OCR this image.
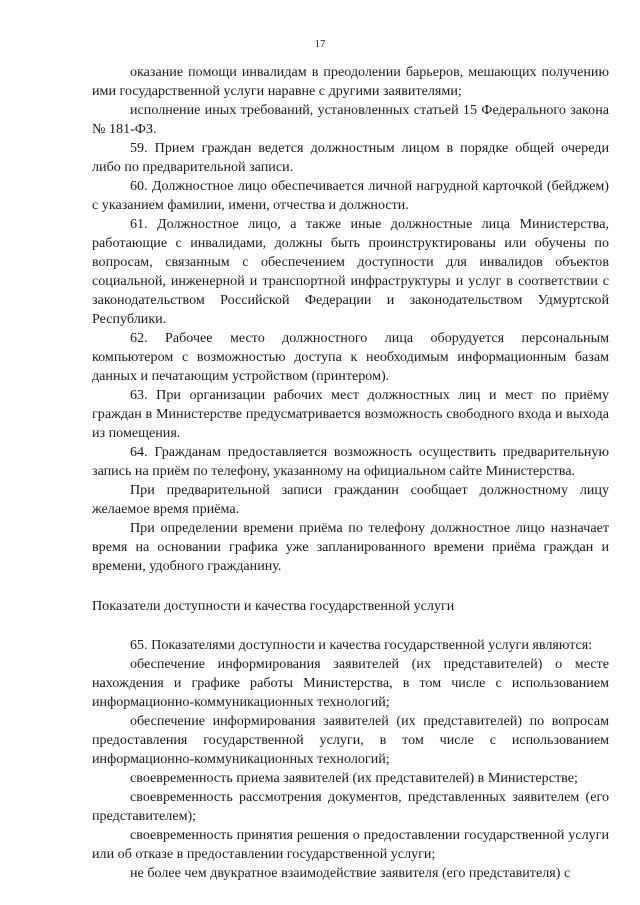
17

оказание помощи инвалидам в преодолении барьеров, мешающих получению ими государственной услуги наравне с другими заявителями;

исполнение иных требований, установленных статьей 15 Федерального закона № 181-ФЗ.

59. Прием граждан ведется должностным лицом в порядке общей очереди либо по предварительной записи.

60. Должностное лицо обеспечивается личной нагрудной карточкой (бейджем) с указанием фамилии, имени, отчества и должности.

61. Должностное лицо, а также иные должностные лица Министерства, работающие с инвалидами, должны быть проинструктированы или обучены по вопросам, связанным с обеспечением доступности для инвалидов объектов социальной, инженерной и транспортной инфраструктуры и услуг в соответствии с законодательством Российской Федерации и законодательством Удмуртской Республики.

62. Рабочее место должностного лица оборудуется персональным компьютером с возможностью доступа к необходимым информационным базам данных и печатающим устройством (принтером).

63. При организации рабочих мест должностных лиц и мест по приёму граждан в Министерстве предусматривается возможность свободного входа и выхода из помещения.

64. Гражданам предоставляется возможность осуществить предварительную запись на приём по телефону, указанному на официальном сайте Министерства.

При предварительной записи гражданин сообщает должностному лицу желаемое время приёма.

При определении времени приёма по телефону должностное лицо назначает время на основании графика уже запланированного времени приёма граждан и времени, удобного гражданину.

Показатели доступности и качества государственной услуги

65. Показателями доступности и качества государственной услуги являются:

обеспечение информирования заявителей (их представителей) о месте нахождения и графике работы Министерства, в том числе с использованием информационно-коммуникационных технологий;

обеспечение информирования заявителей (их представителей) по вопросам предоставления государственной услуги, в том числе с использованием информационно-коммуникационных технологий;

своевременность приема заявителей (их представителей) в Министерстве;

своевременность рассмотрения документов, представленных заявителем (его представителем);

своевременность принятия решения о предоставлении государственной услуги или об отказе в предоставлении государственной услуги;

не более чем двукратное взаимодействие заявителя (его представителя) с
